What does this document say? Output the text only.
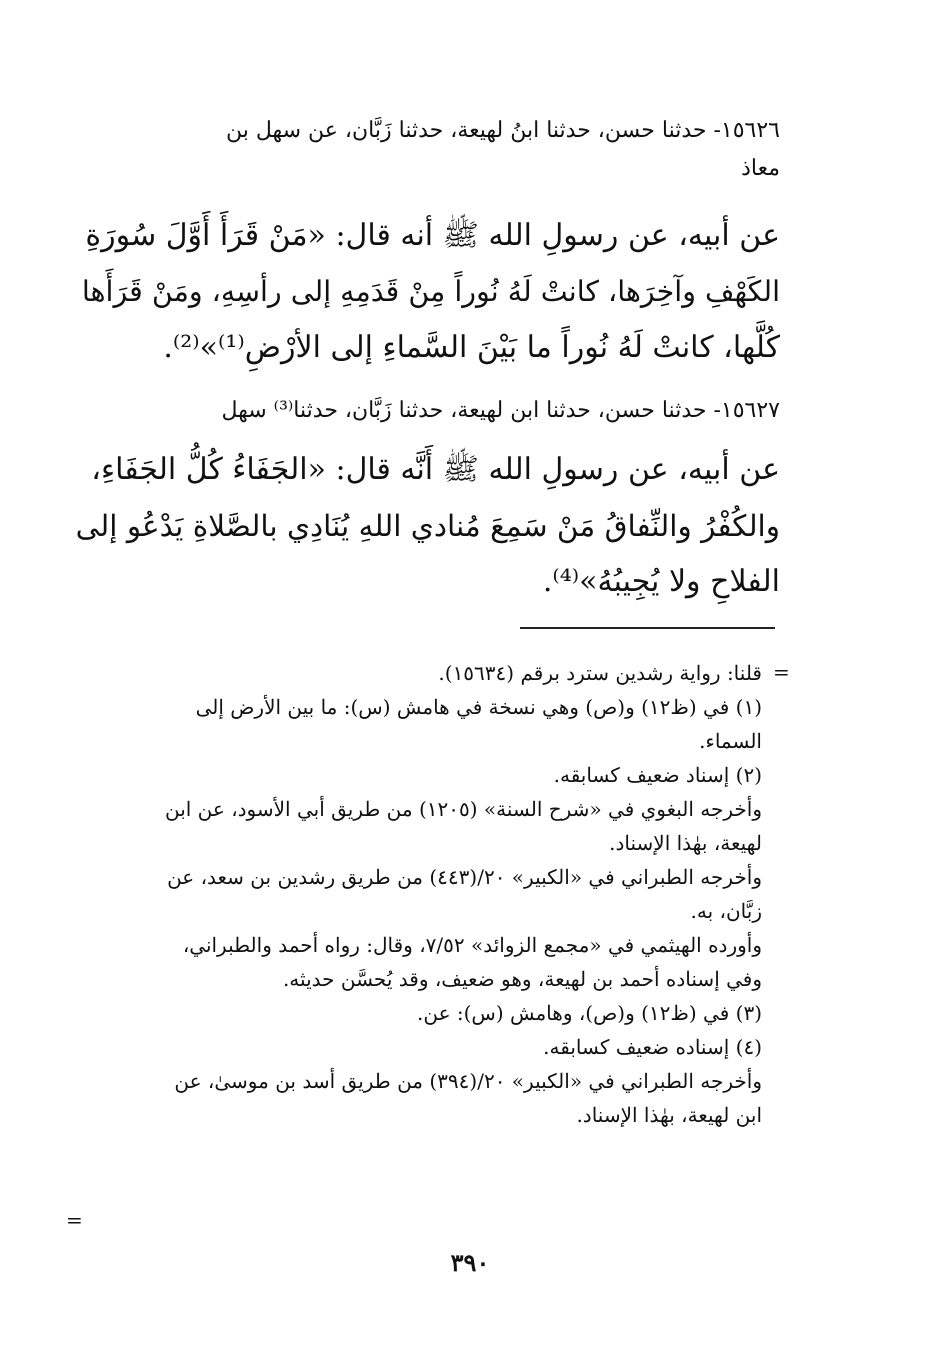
١٥٦٢٦- حدثنا حسن، حدثنا ابنُ لهيعة، حدثنا زَبَّان، عن سهل بن
معاذ
عن أبيه، عن رسولِ الله ﷺ أنه قال: «مَنْ قَرَأَ أَوَّلَ سُورَةِ
الكَهْفِ وآخِرَها، كانتْ لَهُ نُوراً مِنْ قَدَمِهِ إلى رأسِهِ، ومَنْ قَرَأَها
كُلَّها، كانتْ لَهُ نُوراً ما بَيْنَ السَّماءِ إلى الأرْضِ⁽¹⁾»⁽²⁾.
١٥٦٢٧- حدثنا حسن، حدثنا ابن لهيعة، حدثنا زَبَّان، حدثنا⁽³⁾ سهل
عن أبيه، عن رسولِ الله ﷺ أَنَّه قال: «الجَفَاءُ كُلُّ الجَفَاءِ،
والكُفْرُ والنِّفاقُ مَنْ سَمِعَ مُنادي اللهِ يُنَادِي بالصَّلاةِ يَدْعُو إلى
الفلاحِ ولا يُجِيبُهُ»⁽⁴⁾.
=
قلنا: رواية رشدين سترد برقم (١٥٦٣٤).
(١) في (ظ١٢) و(ص) وهي نسخة في هامش (س): ما بين الأرض إلى
السماء.
(٢) إسناد ضعيف كسابقه.
وأخرجه البغوي في «شرح السنة» (١٢٠٥) من طريق أبي الأسود، عن ابن
لهيعة، بهٰذا الإسناد.
وأخرجه الطبراني في «الكبير» ٢٠/(٤٤٣) من طريق رشدين بن سعد، عن
زبَّان، به.
وأورده الهيثمي في «مجمع الزوائد» ٧/٥٢، وقال: رواه أحمد والطبراني،
وفي إسناده أحمد بن لهيعة، وهو ضعيف، وقد يُحسَّن حديثه.
(٣) في (ظ١٢) و(ص)، وهامش (س): عن.
(٤) إسناده ضعيف كسابقه.
وأخرجه الطبراني في «الكبير» ٢٠/(٣٩٤) من طريق أسد بن موسىٰ، عن
ابن لهيعة، بهٰذا الإسناد.
=
٣٩٠
